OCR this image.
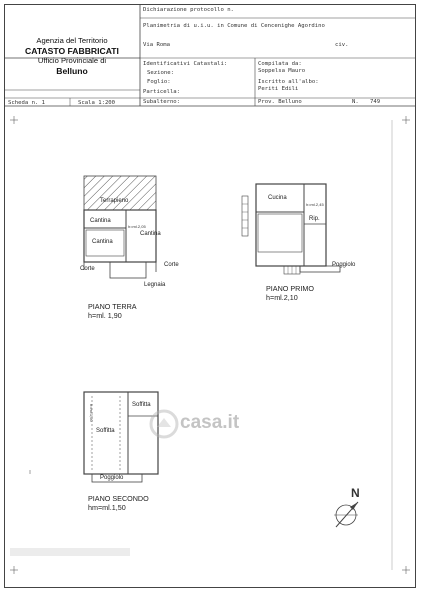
Agenzia del Territorio
CATASTO FABBRICATI
Ufficio Provinciale di
Belluno
Dichiarazione protocollo n.
Planimetria di u.i.u. in Comune di Cencenighe Agordino
Via Roma	civ.
Identificativi Catastali:
Sezione:
Foglio:
Particella:
Subalterno:
Compilata da:
Soppelsa Mauro
Iscritto all'albo:
Periti Edili
Prov. Belluno	N. 749
Scheda n. 1	Scala 1:200
Terrapieno
Cantina
Cantina
Cantina
Corte
Corte
Legnaia
h=ml.2,05
PIANO TERRA
h=ml. 1,90
Cucina
Rip.
Poggiolo
h=ml.2,45
PIANO PRIMO
h=ml.2,10
Soffitta
Soffitta
Poggiolo
h=ml.1,50
PIANO SECONDO
hm=ml.1,50
N
casa.it
